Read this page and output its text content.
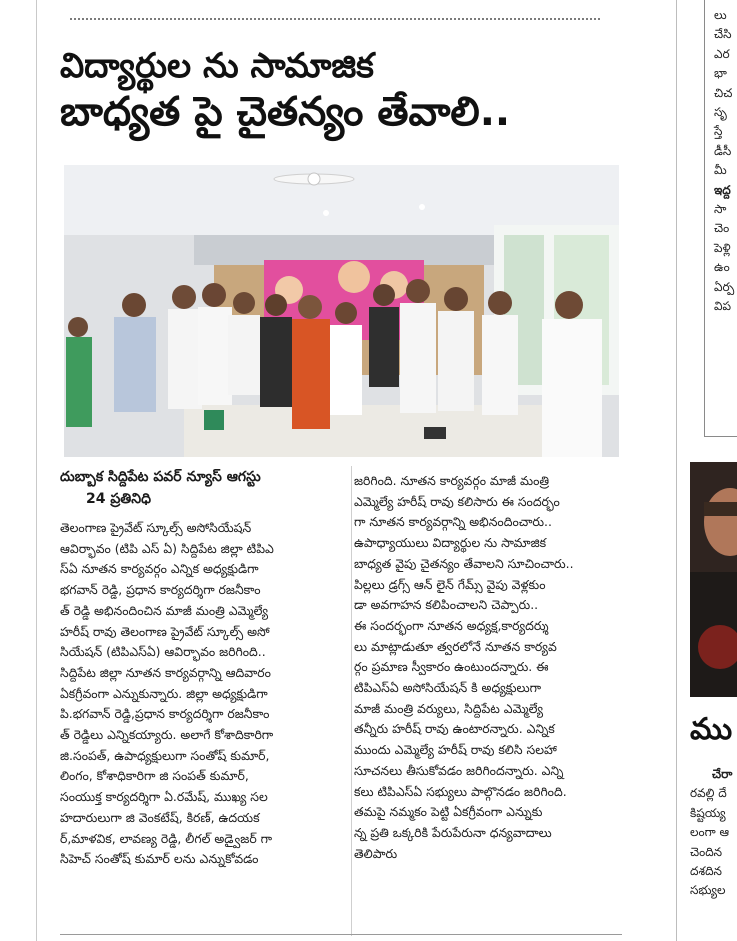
విద్యార్థుల ను సామాజిక
బాధ్యత పై చైతన్యం తేవాలి..

దుబ్బాక సిద్దిపేట పవర్ న్యూస్ ఆగస్టు
24 ప్రతినిధి

తెలంగాణ ప్రైవేట్ స్కూల్స్ అసోసియేషన్

ఆవిర్భావం (టిపి ఎస్ ఏ) సిద్దిపేట జిల్లా టిపిఎ

స్ఏ నూతన కార్యవర్గం ఎన్నిక అధ్యక్షుడిగా

భగవాన్ రెడ్డి, ప్రధాన కార్యదర్శిగా రజనీకాం

త్ రెడ్డి అభినందించిన మాజీ మంత్రి ఎమ్మెల్యే

హరీష్ రావు తెలంగాణ ప్రైవేట్ స్కూల్స్ అసో

సియేషన్ (టిపిఎస్ఏ) ఆవిర్భావం జరిగింది..

సిద్దిపేట జిల్లా నూతన కార్యవర్గాన్ని ఆదివారం

ఏకగ్రీవంగా ఎన్నుకున్నారు. జిల్లా అధ్యక్షుడిగా

పి.భగవాన్ రెడ్డి,ప్రధాన కార్యదర్శిగా రజనీకాం

త్ రెడ్డిలు ఎన్నికయ్యారు. అలాగే కోశాదికారిగా

జి.సంపత్, ఉపాధ్యక్షులుగా సంతోష్ కుమార్,

లింగం, కోశాధికారిగా జి సంపత్ కుమార్,

సంయుక్త కార్యదర్శిగా ఏ.రమేష్, ముఖ్య సల

హదారులుగా జి వెంకటేష్, కిరణ్, ఉదయక

ర్,మాళవిక, లావణ్య రెడ్డి, లీగల్ అడ్వైజర్ గా

సిహెచ్ సంతోష్ కుమార్ లను ఎన్నుకోవడం

జరిగింది. నూతన కార్యవర్గం మాజీ మంత్రి

ఎమ్మెల్యే హరీష్ రావు కలిసారు ఈ సందర్భం

గా నూతన కార్యవర్గాన్ని అభినందించారు..

ఉపాధ్యాయులు విద్యార్థుల ను సామాజిక

బాధ్యత వైపు చైతన్యం తేవాలని సూచించారు..

పిల్లలు డ్రగ్స్ ఆన్ లైన్ గేమ్స్ వైపు వెళ్లకుం

డా అవగాహన కలిపించాలని చెప్పారు..

ఈ సందర్భంగా నూతన అధ్యక్ష,కార్యదర్శు

లు మాట్లాడుతూ త్వరలోనే నూతన కార్యవ

ర్గం ప్రమాణ స్వీకారం ఉంటుందన్నారు. ఈ

టిపిఎస్ఏ అసోసియేషన్ కి అధ్యక్షులుగా

మాజీ మంత్రి వర్యులు, సిద్దిపేట ఎమ్మెల్యే

తన్నీరు హరీష్ రావు ఉంటారన్నారు. ఎన్నిక

ముందు ఎమ్మెల్యే హరీష్ రావు కలిసి సలహా

సూచనలు తీసుకోవడం జరిగిందన్నారు. ఎన్ని

కలు టిపిఎస్ఏ సభ్యులు పాల్గొనడం జరిగింది.

తమపై నమ్మకం పెట్టి ఏకగ్రీవంగా ఎన్నుకు

న్న ప్రతి ఒక్కరికి పేరుపేరునా ధన్యవాదాలు

తెలిపారు

లు

చేసి

ఎర

భా

చిచ

సృ

స్తే

డీసీ

మీ

ఇద్ద

సా

చెం

పెళ్లి

ఉం

ఏర్ప

విప

ము

చేరా

రవల్లి దే

కిష్టయ్య

లంగా ఆ

చెందిన

దశదిన

సభ్యుల
